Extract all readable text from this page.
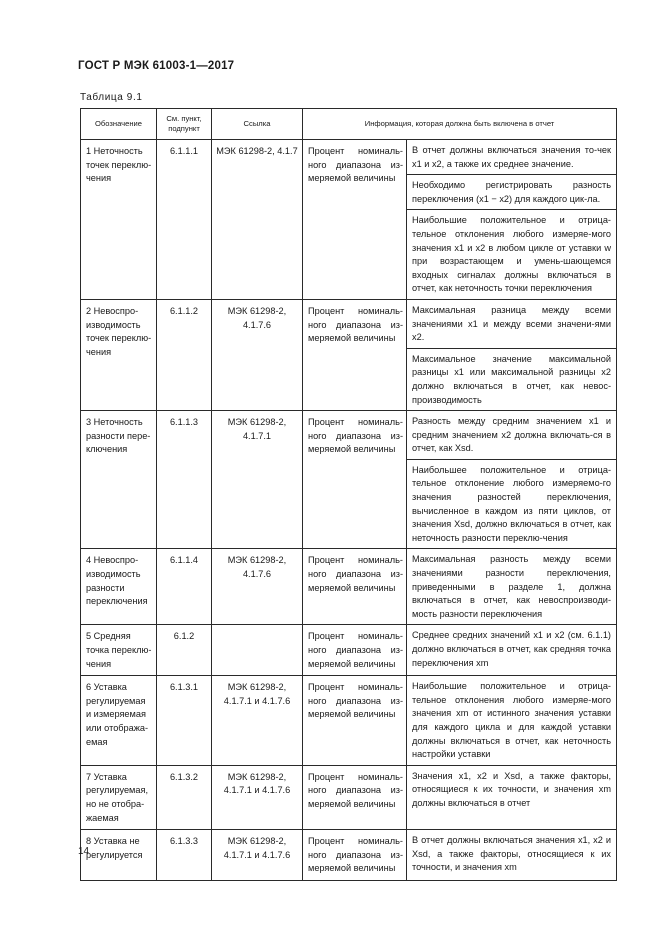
ГОСТ Р МЭК 61003-1—2017
Таблица 9.1
Обозначение	См. пункт, подпункт	Ссылка	Информация, которая должна быть включена в отчет	
1 Неточность точек переклю-чения	6.1.1.1	МЭК 61298-2, 4.1.7	Процент номиналь-ного диапазона из-меряемой величины	В отчет должны включаться значения то-чек x1 и x2, а также их среднее значение.

Необходимо регистрировать разность переключения (x1 − x2) для каждого цик-ла.

Наибольшие положительное и отрица-тельное отклонения любого измеряе-мого значения x1 и x2 в любом цикле от уставки w при возрастающем и умень-шающемся входных сигналах должны включаться в отчет, как неточность точки переключения

2 Невоспро-изводимость точек переклю-чения	6.1.1.2	МЭК 61298-2, 4.1.7.6	Процент номиналь-ного диапазона из-меряемой величины	Максимальная разница между всеми значениями x1 и между всеми значени-ями x2.

Максимальное значение максимальной разницы x1 или максимальной разницы x2 должно включаться в отчет, как невос-производимость

3 Неточность разности пере-ключения	6.1.1.3	МЭК 61298-2, 4.1.7.1	Процент номиналь-ного диапазона из-меряемой величины	Разность между средним значением x1 и средним значением x2 должна включать-ся в отчет, как Xsd.

Наибольшее положительное и отрица-тельное отклонение любого измеряемо-го значения разностей переключения, вычисленное в каждом из пяти циклов, от значения Xsd, должно включаться в отчет, как неточность разности переклю-чения

4 Невоспро-изводимость разности переключения	6.1.1.4	МЭК 61298-2, 4.1.7.6	Процент номиналь-ного диапазона из-меряемой величины	Максимальная разность между всеми значениями разности переключения, приведенными в разделе 1, должна включаться в отчет, как невоспроизводи-мость разности переключения

5 Средняя точка переклю-чения	6.1.2		Процент номиналь-ного диапазона из-меряемой величины	Среднее средних значений x1 и x2 (см. 6.1.1) должно включаться в отчет, как средняя точка переключения xm

6 Уставка регулируемая и измеряемая или отобража-емая	6.1.3.1	МЭК 61298-2, 4.1.7.1 и 4.1.7.6	Процент номиналь-ного диапазона из-меряемой величины	Наибольшие положительное и отрица-тельное отклонения любого измеряе-мого значения xm от истинного значения уставки для каждого цикла и для каждой уставки должны включаться в отчет, как неточность настройки уставки

7 Уставка регулируемая, но не отобра-жаемая	6.1.3.2	МЭК 61298-2, 4.1.7.1 и 4.1.7.6	Процент номиналь-ного диапазона из-меряемой величины	Значения x1, x2 и Xsd, а также факторы, относящиеся к их точности, и значения xm должны включаться в отчет

8 Уставка не регулируется	6.1.3.3	МЭК 61298-2, 4.1.7.1 и 4.1.7.6	Процент номиналь-ного диапазона из-меряемой величины	В отчет должны включаться значения x1, x2 и Xsd, а также факторы, относящиеся к их точности, и значения xm

14
